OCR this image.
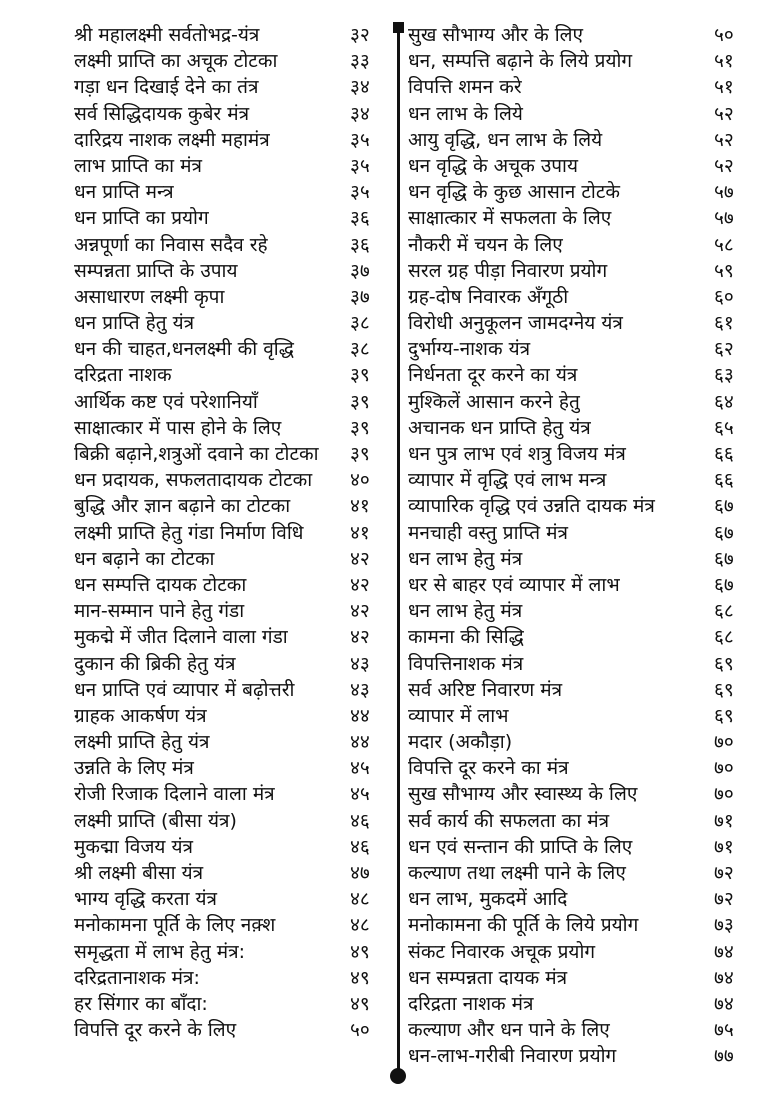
श्री महालक्ष्मी सर्वतोभद्र-यंत्र	३२
लक्ष्मी प्राप्ति का अचूक टोटका	३३
गड़ा धन दिखाई देने का तंत्र	३४
सर्व सिद्धिदायक कुबेर मंत्र	३४
दारिद्रय नाशक लक्ष्मी महामंत्र	३५
लाभ प्राप्ति का मंत्र	३५
धन प्राप्ति मन्त्र	३५
धन प्राप्ति का प्रयोग	३६
अन्नपूर्णा का निवास सदैव रहे	३६
सम्पन्नता प्राप्ति के उपाय	३७
असाधारण लक्ष्मी कृपा	३७
धन प्राप्ति हेतु यंत्र	३८
धन की चाहत,धनलक्ष्मी की वृद्धि	३८
दरिद्रता नाशक	३९
आर्थिक कष्ट एवं परेशानियाँ	३९
साक्षात्कार में पास होने के लिए	३९
बिक्री बढ़ाने,शत्रुओं दवाने का टोटका	३९
धन प्रदायक, सफलतादायक टोटका	४०
बुद्धि और ज्ञान बढ़ाने का टोटका	४१
लक्ष्मी प्राप्ति हेतु गंडा निर्माण विधि	४१
धन बढ़ाने का टोटका	४२
धन सम्पत्ति दायक टोटका	४२
मान-सम्मान पाने हेतु गंडा	४२
मुकद्मे में जीत दिलाने वाला गंडा	४२
दुकान की ब्रिकी हेतु यंत्र	४३
धन प्राप्ति एवं व्यापार में बढ़ोत्तरी	४३
ग्राहक आकर्षण यंत्र	४४
लक्ष्मी प्राप्ति हेतु यंत्र	४४
उन्नति के लिए मंत्र	४५
रोजी रिजाक दिलाने वाला मंत्र	४५
लक्ष्मी प्राप्ति (बीसा यंत्र)	४६
मुकद्मा विजय यंत्र	४६
श्री लक्ष्मी बीसा यंत्र	४७
भाग्य वृद्धि करता यंत्र	४८
मनोकामना पूर्ति के लिए नक़्श	४८
समृद्धता में लाभ हेतु मंत्र:	४९
दरिद्रतानाशक मंत्र:	४९
हर सिंगार का बाँदा:	४९
विपत्ति दूर करने के लिए	५०
सुख सौभाग्य और के लिए	५०
धन, सम्पत्ति बढ़ाने के लिये प्रयोग	५१
विपत्ति शमन करे	५१
धन लाभ के लिये	५२
आयु वृद्धि, धन लाभ के लिये	५२
धन वृद्धि के अचूक उपाय	५२
धन वृद्धि के कुछ आसान टोटके	५७
साक्षात्कार में सफलता के लिए	५७
नौकरी में चयन के लिए	५८
सरल ग्रह पीड़ा निवारण प्रयोग	५९
ग्रह-दोष निवारक अँगूठी	६०
विरोधी अनुकूलन जामदग्नेय यंत्र	६१
दुर्भाग्य-नाशक यंत्र	६२
निर्धनता दूर करने का यंत्र	६३
मुश्किलें आसान करने हेतु	६४
अचानक धन प्राप्ति हेतु यंत्र	६५
धन पुत्र लाभ एवं शत्रु विजय मंत्र	६६
व्यापार में वृद्धि एवं लाभ मन्त्र	६६
व्यापारिक वृद्धि एवं उन्नति दायक मंत्र	६७
मनचाही वस्तु प्राप्ति मंत्र	६७
धन लाभ हेतु मंत्र	६७
धर से बाहर एवं व्यापार में लाभ	६७
धन लाभ हेतु मंत्र	६८
कामना की सिद्धि	६८
विपत्तिनाशक मंत्र	६९
सर्व अरिष्ट निवारण मंत्र	६९
व्यापार में लाभ	६९
मदार (अकौड़ा)	७०
विपत्ति दूर करने का मंत्र	७०
सुख सौभाग्य और स्वास्थ्य के लिए	७०
सर्व कार्य की सफलता का मंत्र	७१
धन एवं सन्तान की प्राप्ति के लिए	७१
कल्याण तथा लक्ष्मी पाने के लिए	७२
धन लाभ, मुकदमें आदि	७२
मनोकामना की पूर्ति के लिये प्रयोग	७३
संकट निवारक अचूक प्रयोग	७४
धन सम्पन्नता दायक मंत्र	७४
दरिद्रता नाशक मंत्र	७४
कल्याण और धन पाने के लिए	७५
धन-लाभ-गरीबी निवारण प्रयोग	७७
